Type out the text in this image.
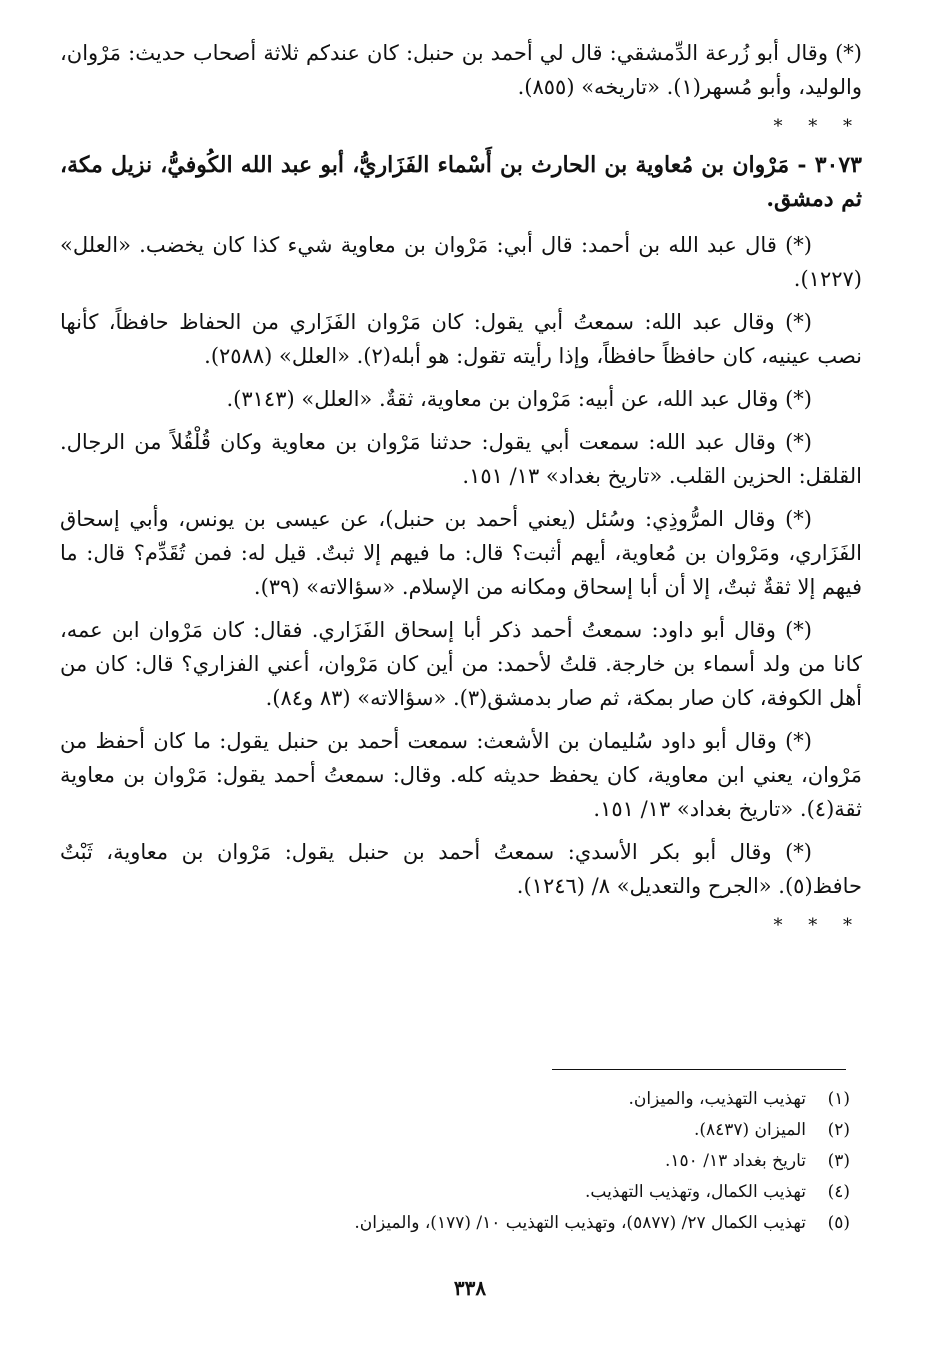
(*) وقال أبو زُرعة الدِّمشقي: قال لي أحمد بن حنبل: كان عندكم ثلاثة أصحاب حديث: مَرْوان، والوليد، وأبو مُسهر(١). «تاريخه» (٨٥٥).

* * *

٣٠٧٣ - مَرْوان بن مُعاوية بن الحارث بن أَسْماء الفَزَاريُّ، أبو عبد الله الكُوفيُّ، نزيل مكة، ثم دمشق.

(*) قال عبد الله بن أحمد: قال أبي: مَرْوان بن معاوية شيء كذا كان يخضب. «العلل» (١٢٢٧).

(*) وقال عبد الله: سمعتُ أبي يقول: كان مَرْوان الفَزَاري من الحفاظ حافظاً، كأنها نصب عينيه، كان حافظاً حافظاً، وإذا رأيته تقول: هو أبله(٢). «العلل» (٢٥٨٨).

(*) وقال عبد الله، عن أبيه: مَرْوان بن معاوية، ثقةٌ. «العلل» (٣١٤٣).

(*) وقال عبد الله: سمعت أبي يقول: حدثنا مَرْوان بن معاوية وكان قُلْقُلاً من الرجال. القلقل: الحزين القلب. «تاريخ بغداد» ١٣/ ١٥١.

(*) وقال المرُّوذِي: وسُئل (يعني أحمد بن حنبل)، عن عيسى بن يونس، وأبي إسحاق الفَزَاري، ومَرْوان بن مُعاوية، أيهم أثبت؟ قال: ما فيهم إلا ثبتٌ. قيل له: فمن تُقَدِّم؟ قال: ما فيهم إلا ثقةٌ ثبتٌ، إلا أن أبا إسحاق ومكانه من الإسلام. «سؤالاته» (٣٩).

(*) وقال أبو داود: سمعتُ أحمد ذكر أبا إسحاق الفَزَاري. فقال: كان مَرْوان ابن عمه، كانا من ولد أسماء بن خارجة. قلتُ لأحمد: من أين كان مَرْوان، أعني الفزاري؟ قال: كان من أهل الكوفة، كان صار بمكة، ثم صار بدمشق(٣). «سؤالاته» (٨٣ و٨٤).

(*) وقال أبو داود سُليمان بن الأشعث: سمعت أحمد بن حنبل يقول: ما كان أحفظ من مَرْوان، يعني ابن معاوية، كان يحفظ حديثه كله. وقال: سمعتُ أحمد يقول: مَرْوان بن معاوية ثقة(٤). «تاريخ بغداد» ١٣/ ١٥١.

(*) وقال أبو بكر الأسدي: سمعتُ أحمد بن حنبل يقول: مَرْوان بن معاوية، ثَبْتٌ حافظ(٥). «الجرح والتعديل» ٨/ (١٢٤٦).

* * *
(١)تهذيب التهذيب، والميزان.
(٢)الميزان (٨٤٣٧).
(٣)تاريخ بغداد ١٣/ ١٥٠.
(٤)تهذيب الكمال، وتهذيب التهذيب.
(٥)تهذيب الكمال ٢٧/ (٥٨٧٧)، وتهذيب التهذيب ١٠/ (١٧٧)، والميزان.
٣٣٨
